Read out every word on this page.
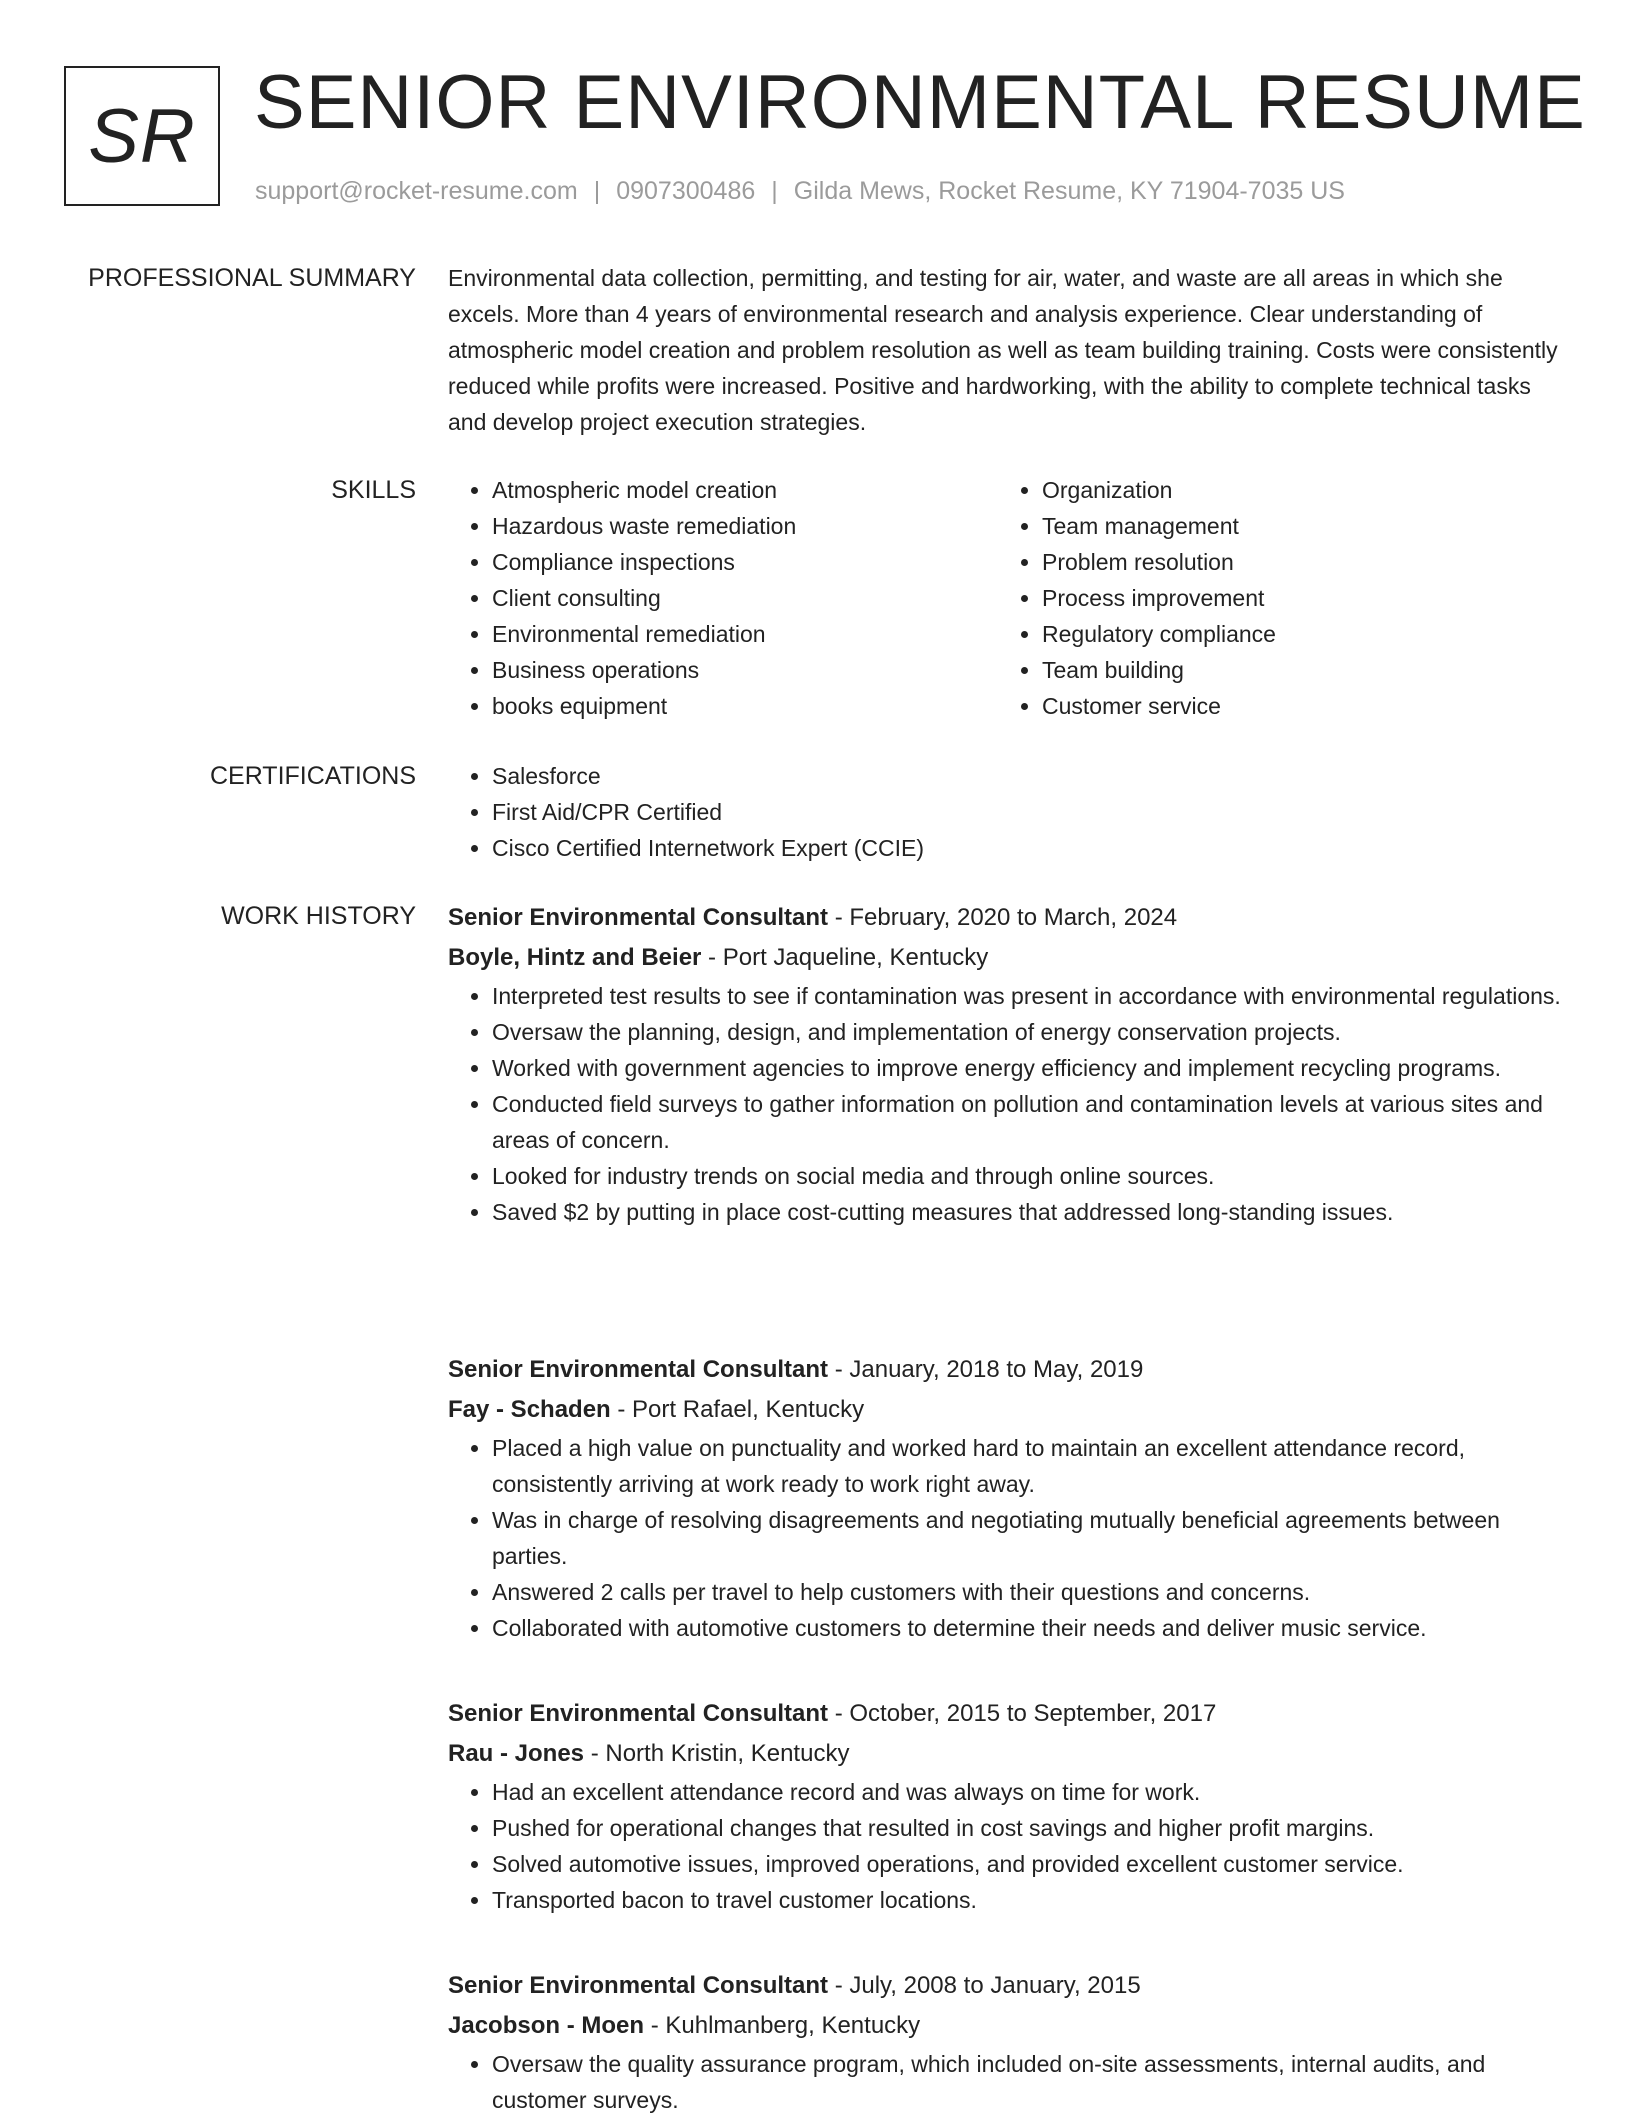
SR SENIOR ENVIRONMENTAL RESUME
support@rocket-resume.com | 0907300486 | Gilda Mews, Rocket Resume, KY 71904-7035 US
PROFESSIONAL SUMMARY Environmental data collection, permitting, and testing for air, water, and waste are all areas in which she excels. More than 4 years of environmental research and analysis experience. Clear understanding of atmospheric model creation and problem resolution as well as team building training. Costs were consistently reduced while profits were increased. Positive and hardworking, with the ability to complete technical tasks and develop project execution strategies.

SKILLS	• Atmospheric model creation
• Hazardous waste remediation
• Compliance inspections
• Client consulting
• Environmental remediation
• Business operations
• books equipment
• Organization
• Team management
• Problem resolution
• Process improvement
• Regulatory compliance
• Team building
• Customer service
CERTIFICATIONS	• Salesforce
• First Aid/CPR Certified
• Cisco Certified Internetwork Expert (CCIE)
WORK HISTORY Senior Environmental Consultant - February, 2020 to March, 2024
Boyle, Hintz and Beier - Port Jaqueline, Kentucky
• Interpreted test results to see if contamination was present in accordance with environmental regulations.
• Oversaw the planning, design, and implementation of energy conservation projects.
• Worked with government agencies to improve energy efficiency and implement recycling programs.
• Conducted field surveys to gather information on pollution and contamination levels at various sites and areas of concern.
• Looked for industry trends on social media and through online sources.
• Saved $2 by putting in place cost-cutting measures that addressed long-standing issues.
Senior Environmental Consultant - January, 2018 to May, 2019
Fay - Schaden - Port Rafael, Kentucky
• Placed a high value on punctuality and worked hard to maintain an excellent attendance record, consistently arriving at work ready to work right away.
• Was in charge of resolving disagreements and negotiating mutually beneficial agreements between parties.
• Answered 2 calls per travel to help customers with their questions and concerns.
• Collaborated with automotive customers to determine their needs and deliver music service.
Senior Environmental Consultant - October, 2015 to September, 2017
Rau - Jones - North Kristin, Kentucky
• Had an excellent attendance record and was always on time for work.
• Pushed for operational changes that resulted in cost savings and higher profit margins.
• Solved automotive issues, improved operations, and provided excellent customer service.
• Transported bacon to travel customer locations.
Senior Environmental Consultant - July, 2008 to January, 2015
Jacobson - Moen - Kuhlmanberg, Kentucky
• Oversaw the quality assurance program, which included on-site assessments, internal audits, and customer surveys.
